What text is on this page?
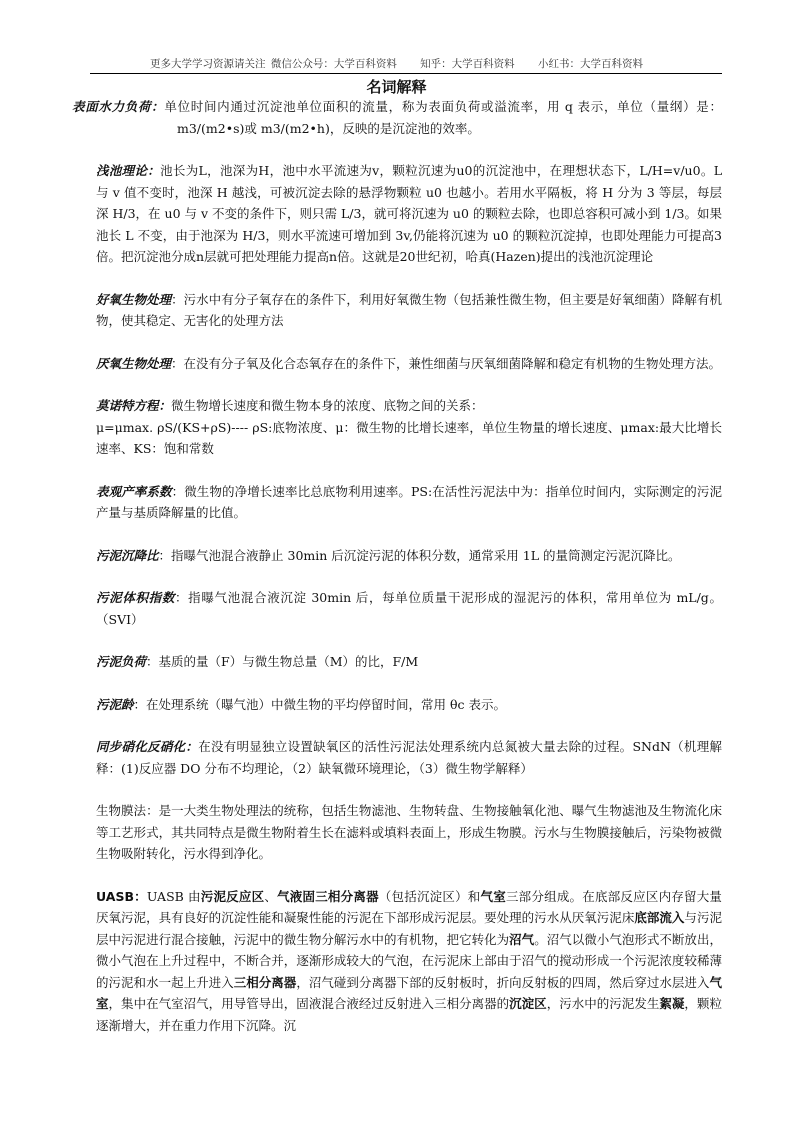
更多大学学习资源请关注 微信公众号：大学百科资料 知乎：大学百科资料 小红书：大学百科资料
名词解释

表面水力负荷：单位时间内通过沉淀池单位面积的流量，称为表面负荷或溢流率，用 q 表示，单位（量纲）是：m3/(m2•s)或 m3/(m2•h)，反映的是沉淀池的效率。

浅池理论：池长为L，池深为H，池中水平流速为v，颗粒沉速为u0的沉淀池中，在理想状态下，L/H=v/u0。L 与 v 值不变时，池深 H 越浅，可被沉淀去除的悬浮物颗粒 u0 也越小。若用水平隔板，将 H 分为 3 等层，每层深 H/3，在 u0 与 v 不变的条件下，则只需 L/3，就可将沉速为 u0 的颗粒去除，也即总容积可减小到 1/3。如果池长 L 不变，由于池深为 H/3，则水平流速可增加到 3v,仍能将沉速为 u0 的颗粒沉淀掉，也即处理能力可提高3倍。把沉淀池分成n层就可把处理能力提高n倍。这就是20世纪初，哈真(Hazen)提出的浅池沉淀理论

好氧生物处理：污水中有分子氧存在的条件下，利用好氧微生物（包括兼性微生物，但主要是好氧细菌）降解有机物，使其稳定、无害化的处理方法

厌氧生物处理：在没有分子氧及化合态氧存在的条件下，兼性细菌与厌氧细菌降解和稳定有机物的生物处理方法。

莫诺特方程：微生物增长速度和微生物本身的浓度、底物之间的关系：
μ=μmax. ρS/(KS+ρS)---- ρS:底物浓度、μ：微生物的比增长速率，单位生物量的增长速度、μmax:最大比增长速率、KS：饱和常数

表观产率系数：微生物的净增长速率比总底物利用速率。PS:在活性污泥法中为：指单位时间内，实际测定的污泥产量与基质降解量的比值。

污泥沉降比：指曝气池混合液静止 30min 后沉淀污泥的体积分数，通常采用 1L 的量筒测定污泥沉降比。

污泥体积指数：指曝气池混合液沉淀 30min 后，每单位质量干泥形成的湿泥污的体积，常用单位为 mL/g。（SVI）

污泥负荷：基质的量（F）与微生物总量（M）的比，F/M

污泥龄：在处理系统（曝气池）中微生物的平均停留时间，常用 θc 表示。

同步硝化反硝化：在没有明显独立设置缺氧区的活性污泥法处理系统内总氮被大量去除的过程。SNdN（机理解释：(1)反应器 DO 分布不均理论，（2）缺氧微环境理论，（3）微生物学解释）

生物膜法：是一大类生物处理法的统称，包括生物滤池、生物转盘、生物接触氧化池、曝气生物滤池及生物流化床等工艺形式，其共同特点是微生物附着生长在滤料或填料表面上，形成生物膜。污水与生物膜接触后，污染物被微生物吸附转化，污水得到净化。

UASB：UASB 由污泥反应区、气液固三相分离器（包括沉淀区）和气室三部分组成。在底部反应区内存留大量厌氧污泥，具有良好的沉淀性能和凝聚性能的污泥在下部形成污泥层。要处理的污水从厌氧污泥床底部流入与污泥层中污泥进行混合接触，污泥中的微生物分解污水中的有机物，把它转化为沼气。沼气以微小气泡形式不断放出，微小气泡在上升过程中，不断合并，逐渐形成较大的气泡，在污泥床上部由于沼气的搅动形成一个污泥浓度较稀薄的污泥和水一起上升进入三相分离器，沼气碰到分离器下部的反射板时，折向反射板的四周，然后穿过水层进入气室，集中在气室沼气，用导管导出，固液混合液经过反射进入三相分离器的沉淀区，污水中的污泥发生絮凝，颗粒逐渐增大，并在重力作用下沉降。沉
